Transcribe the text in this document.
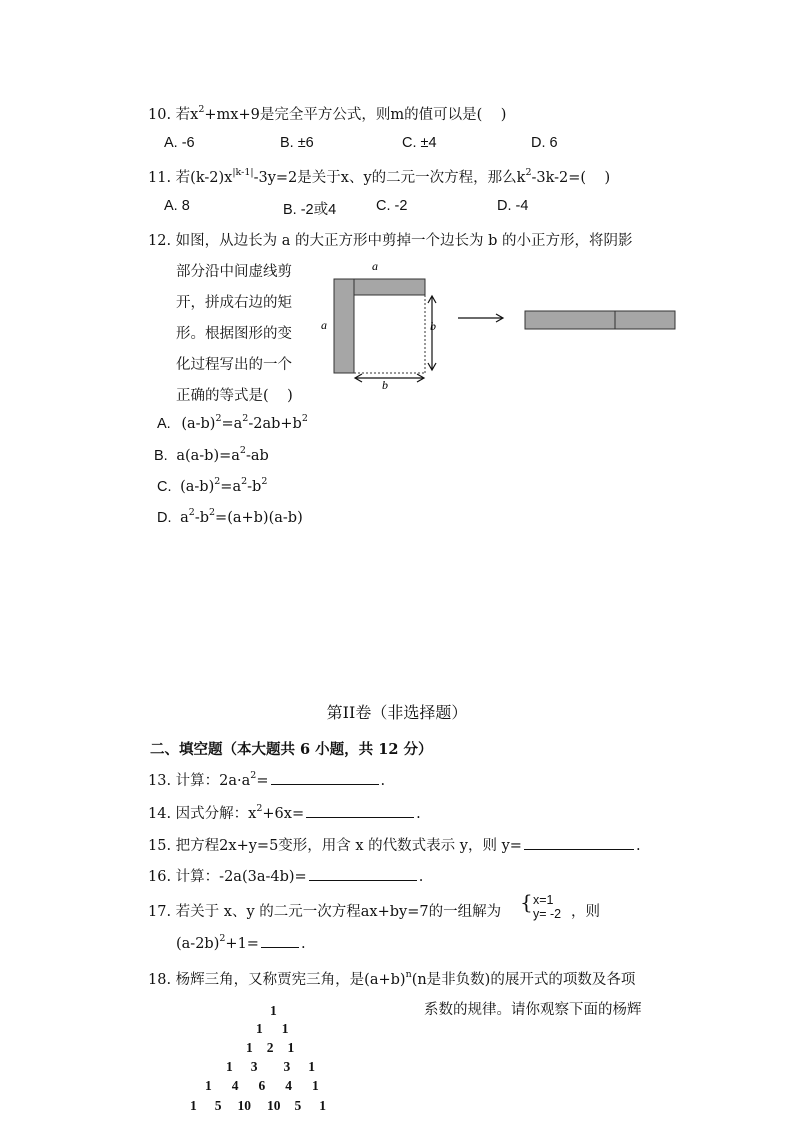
10. 若$x^2+mx+9$是完全平方公式，则m的值可以是(    )
A. -6	B. ±6	C. ±4	D. 6
11. 若$(k-2)x^{|k-1|}-3y=2$是关于x、y的二元一次方程，那么$k^2-3k-2=$(    )
A. 8	B. -2或4	C. -2	D. -4
12. 如图，从边长为 a 的大正方形中剪掉一个边长为 b 的小正方形，将阴影
部分沿中间虚线剪
开，拼成右边的矩
形。根据图形的变
化过程写出的一个
正确的等式是(    )
a
a	b
b
A. $(a-b)^2=a^2-2ab+b^2$
B. $a(a-b)=a^2-ab$
C. $(a-b)^2=a^2-b^2$
D. $a^2-b^2=(a+b)(a-b)$
第II卷（非选择题）
二、填空题（本大题共 6 小题，共 12 分）
13. 计算：$2a\cdot a^2=$	.
14. 因式分解：$x^2+6x=$	.
15. 把方程2x+y=5变形，用含 x 的代数式表示 y，则 y=	.
16. 计算：-2a(3a-4b)=	.
17. 若关于 x、y 的二元一次方程ax+by=7的一组解为 { x=1
y= -2 ，则
$(a-2b)^2+1=$	.
18. 杨辉三角，又称贾宪三角，是$(a+b)^n(n$是非负数)的展开式的项数及各项
系数的规律。请你观察下面的杨辉
1
1 1
1 2 1
1 3 3 1
1 4 6 4 1
1 5 10 10 5 1
